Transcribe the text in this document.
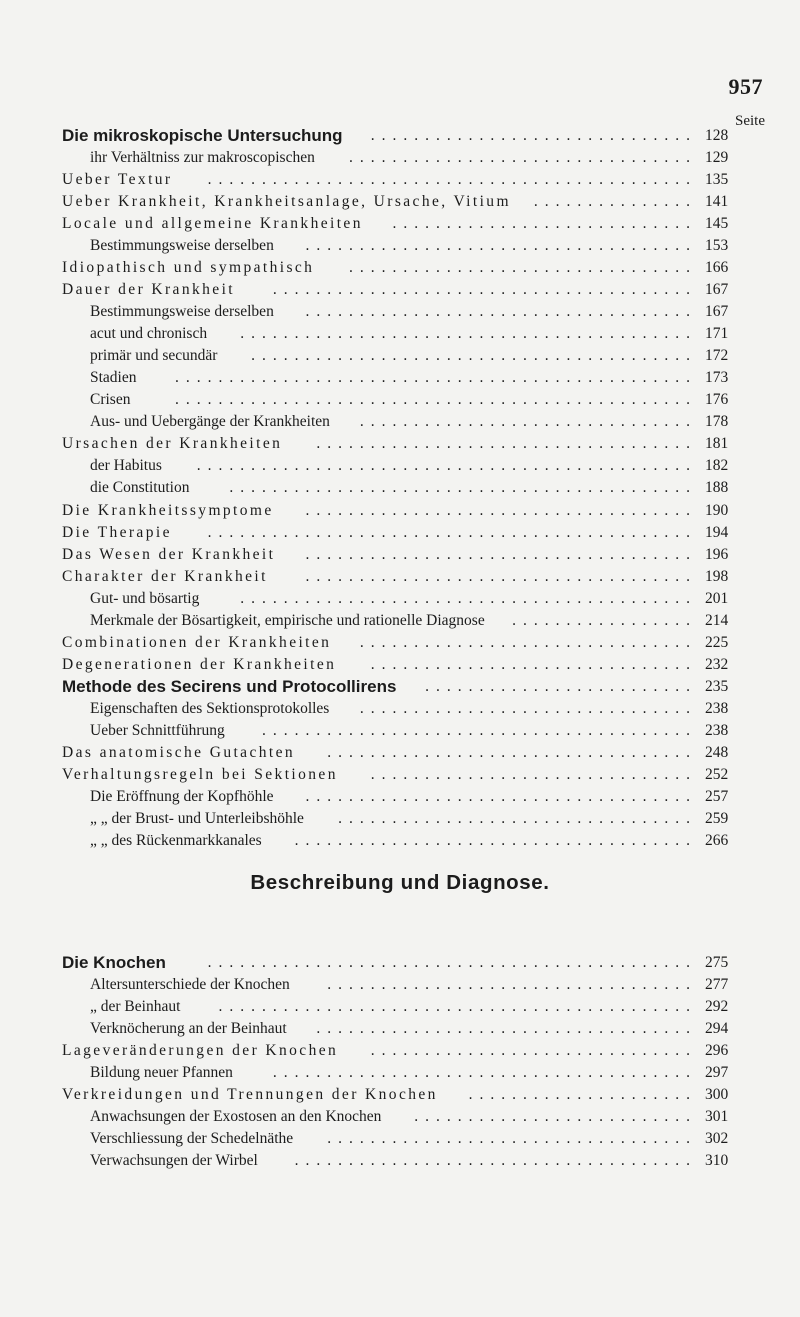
957
Seite
Die mikroskopische Untersuchung .............................. 128
ihr Verhältniss zur makroscopischen ................................ 129
Ueber Textur ............................................. 135
Ueber Krankheit, Krankheitsanlage, Ursache, Vitium ............... 141
Locale und allgemeine Krankheiten ............................ 145
Bestimmungsweise derselben .................................... 153
Idiopathisch und sympathisch ................................ 166
Dauer der Krankheit ....................................... 167
Bestimmungsweise derselben .................................... 167
acut und chronisch .......................................... 171
primär und secundär ......................................... 172
Stadien ................................................ 173
Crisen	................................................ 176
Aus- und Uebergänge der Krankheiten ............................... 178
Ursachen der Krankheiten ................................... 181
der Habitus .............................................. 182
die Constitution	........................................... 188
Die Krankheitssymptome .................................... 190
Die Therapie ............................................. 194
Das Wesen der Krankheit .................................... 196
Charakter der Krankheit .................................... 198
Gut- und bösartig	.......................................... 201
Merkmale der Bösartigkeit, empirische und rationelle Diagnose ................. 214
Combinationen der Krankheiten ............................... 225
Degenerationen der Krankheiten .............................. 232
Methode des Secirens und Protocollirens ......................... 235
Eigenschaften des Sektionsprotokolles ............................... 238
Ueber Schnittführung ........................................ 238
Das anatomische Gutachten .................................. 248
Verhaltungsregeln bei Sektionen .............................. 252
Die Eröffnung der Kopfhöhle .................................... 257
„ „ der Brust- und Unterleibshöhle ................................. 259
„ „ des Rückenmarkkanales ..................................... 266
Beschreibung und Diagnose.
Die Knochen	............................................. 275
Altersunterschiede der Knochen .................................. 277
„ der Beinhaut ............................................ 292
Verknöcherung an der Beinhaut ................................... 294
Lageveränderungen der Knochen .............................. 296
Bildung neuer Pfannen	....................................... 297
Verkreidungen und Trennungen der Knochen ..................... 300
Anwachsungen der Exostosen an den Knochen .......................... 301
Verschliessung der Schedelnäthe .................................. 302
Verwachsungen der Wirbel ..................................... 310
